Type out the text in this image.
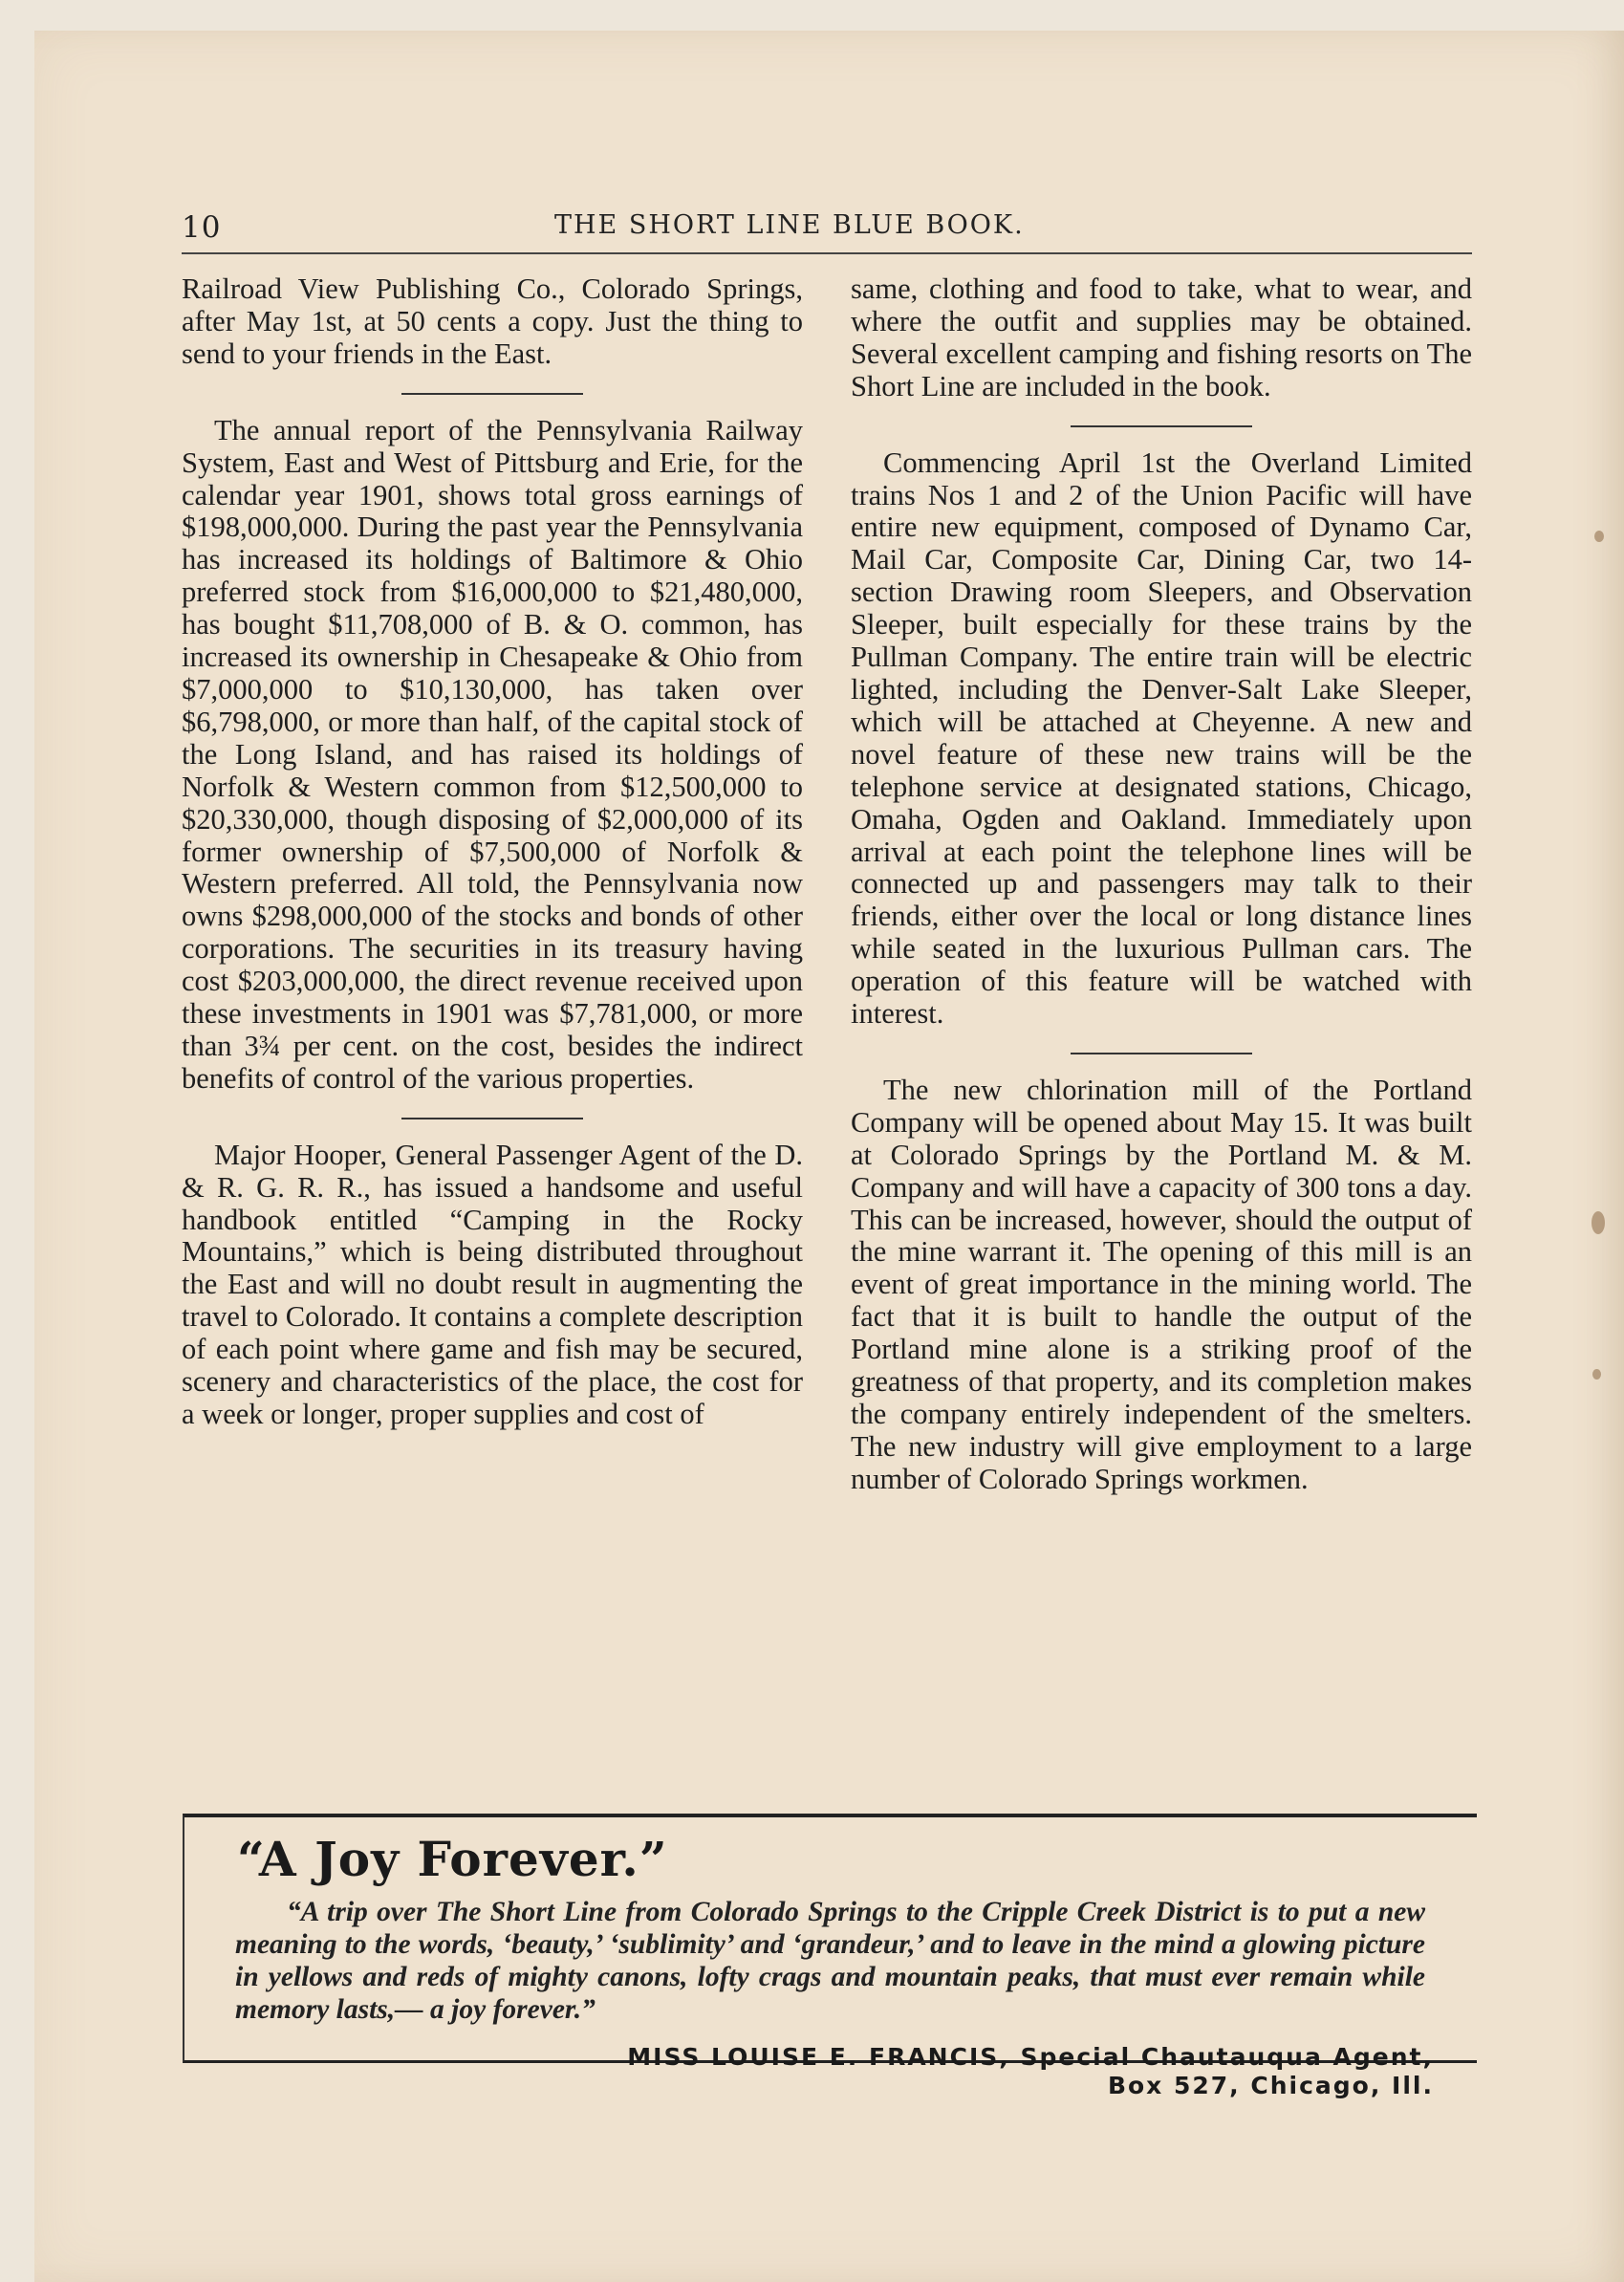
10	THE SHORT LINE BLUE BOOK.

Railroad View Publishing Co., Colorado Springs, after May 1st, at 50 cents a copy. Just the thing to send to your friends in the East.

The annual report of the Pennsylvania Railway System, East and West of Pittsburg and Erie, for the calendar year 1901, shows total gross earnings of $198,000,000. During the past year the Pennsylvania has increased its holdings of Baltimore & Ohio preferred stock from $16,000,000 to $21,480,000, has bought $11,708,000 of B. & O. common, has increased its ownership in Chesapeake & Ohio from $7,000,000 to $10,130,000, has taken over $6,798,000, or more than half, of the capital stock of the Long Island, and has raised its holdings of Norfolk & Western common from $12,500,000 to $20,330,000, though disposing of $2,000,000 of its former ownership of $7,500,000 of Norfolk & Western preferred. All told, the Pennsylvania now owns $298,000,000 of the stocks and bonds of other corporations. The securities in its treasury having cost $203,000,000, the direct revenue received upon these investments in 1901 was $7,781,000, or more than 3¾ per cent. on the cost, besides the indirect benefits of control of the various properties.

Major Hooper, General Passenger Agent of the D. & R. G. R. R., has issued a handsome and useful handbook entitled “Camping in the Rocky Mountains,” which is being distributed throughout the East and will no doubt result in augmenting the travel to Colorado. It contains a complete description of each point where game and fish may be secured, scenery and characteristics of the place, the cost for a week or longer, proper supplies and cost of

same, clothing and food to take, what to wear, and where the outfit and supplies may be obtained. Several excellent camping and fishing resorts on The Short Line are included in the book.

Commencing April 1st the Overland Limited trains Nos 1 and 2 of the Union Pacific will have entire new equipment, composed of Dynamo Car, Mail Car, Composite Car, Dining Car, two 14-section Drawing room Sleepers, and Observation Sleeper, built especially for these trains by the Pullman Company. The entire train will be electric lighted, including the Denver-Salt Lake Sleeper, which will be attached at Cheyenne. A new and novel feature of these new trains will be the telephone service at designated stations, Chicago, Omaha, Ogden and Oakland. Immediately upon arrival at each point the telephone lines will be connected up and passengers may talk to their friends, either over the local or long distance lines while seated in the luxurious Pullman cars. The operation of this feature will be watched with interest.

The new chlorination mill of the Portland Company will be opened about May 15. It was built at Colorado Springs by the Portland M. & M. Company and will have a capacity of 300 tons a day. This can be increased, however, should the output of the mine warrant it. The opening of this mill is an event of great importance in the mining world. The fact that it is built to handle the output of the Portland mine alone is a striking proof of the greatness of that property, and its completion makes the company entirely independent of the smelters. The new industry will give employment to a large number of Colorado Springs workmen.

“A Joy Forever.”
“A trip over The Short Line from Colorado Springs to the Cripple Creek District is to put a new meaning to the words, ‘beauty,’ ‘sublimity’ and ‘grandeur,’ and to leave in the mind a glowing picture in yellows and reds of mighty canons, lofty crags and mountain peaks, that must ever remain while memory lasts,— a joy forever.”
MISS LOUISE E. FRANCIS, Special Chautauqua Agent,
Box 527, Chicago, Ill.
